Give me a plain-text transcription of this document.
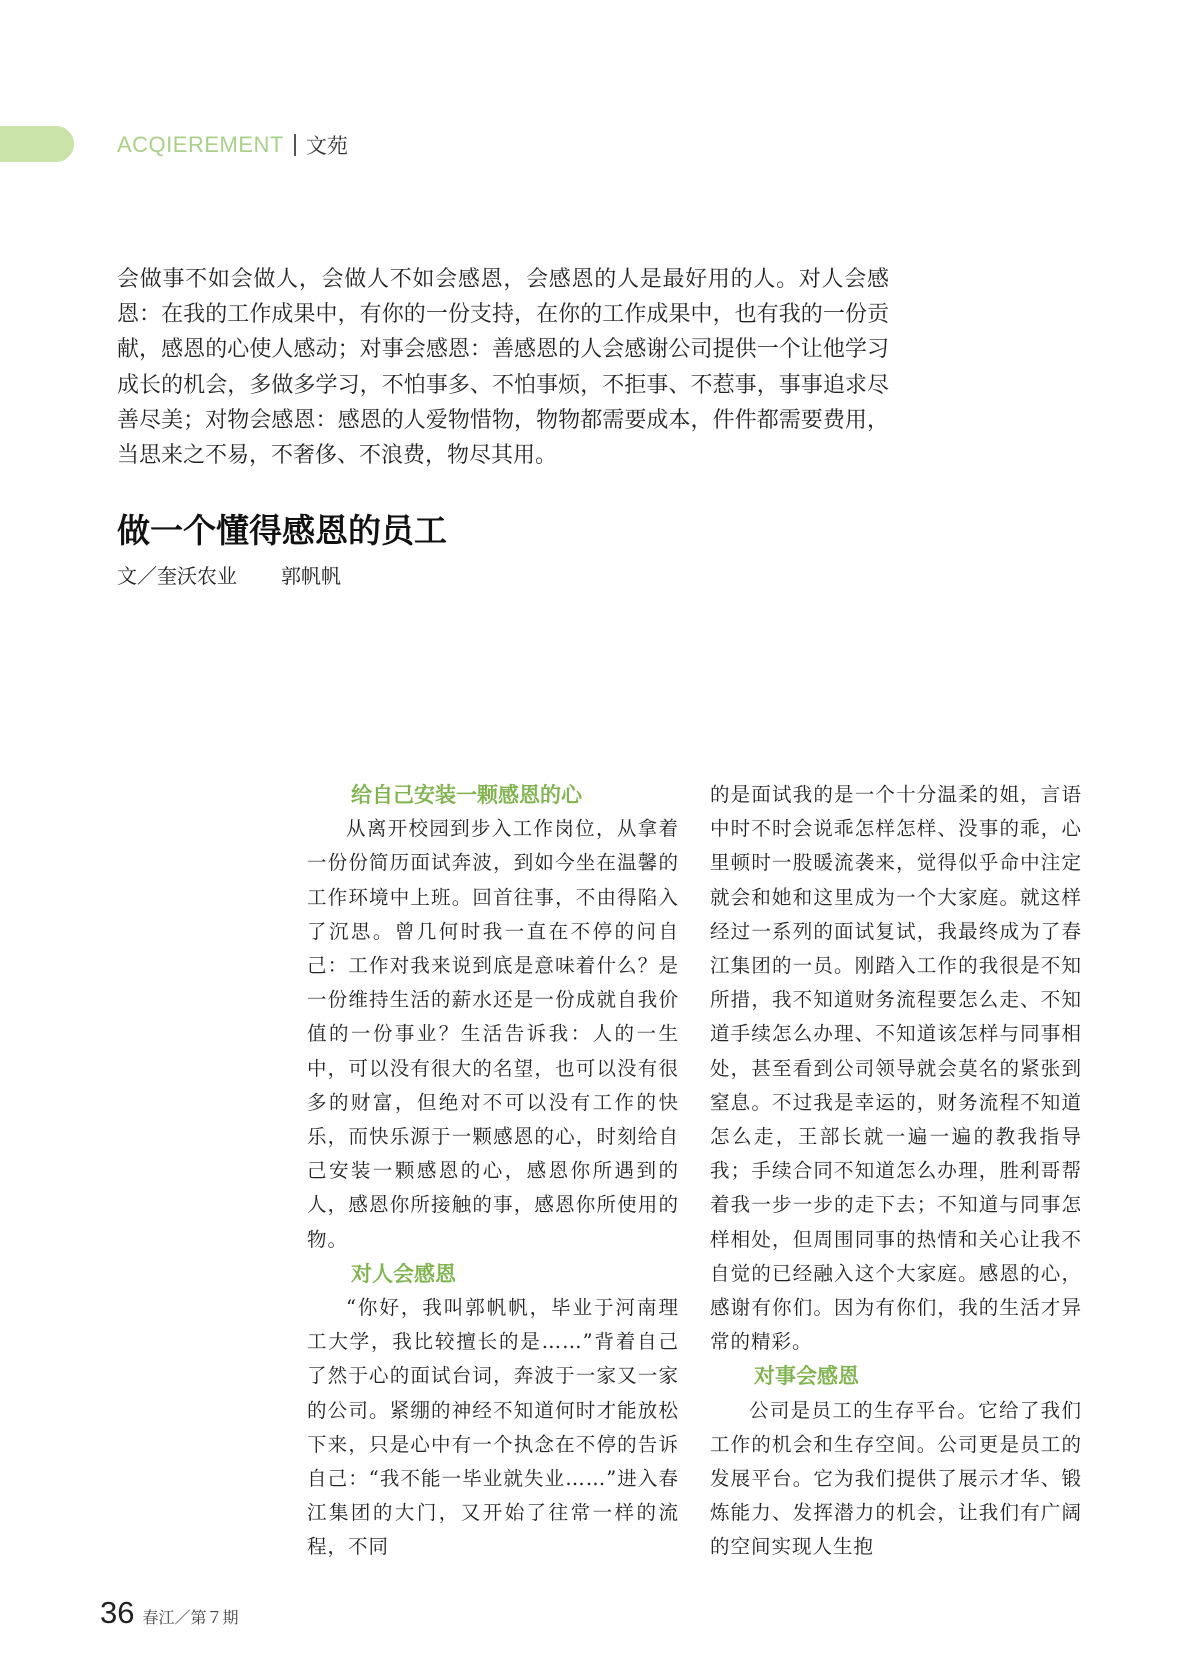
ACQIEREMENT 文苑
会做事不如会做人，会做人不如会感恩，会感恩的人是最好用的人。对人会感恩：在我的工作成果中，有你的一份支持，在你的工作成果中，也有我的一份贡献，感恩的心使人感动；对事会感恩：善感恩的人会感谢公司提供一个让他学习成长的机会，多做多学习，不怕事多、不怕事烦，不拒事、不惹事，事事追求尽善尽美；对物会感恩：感恩的人爱物惜物，物物都需要成本，件件都需要费用，当思来之不易，不奢侈、不浪费，物尽其用。
做一个懂得感恩的员工
文／奎沃农业 郭帆帆
给自己安装一颗感恩的心

从离开校园到步入工作岗位，从拿着一份份简历面试奔波，到如今坐在温馨的工作环境中上班。回首往事，不由得陷入了沉思。曾几何时我一直在不停的问自己：工作对我来说到底是意味着什么？是一份维持生活的薪水还是一份成就自我价值的一份事业？生活告诉我：人的一生中，可以没有很大的名望，也可以没有很多的财富，但绝对不可以没有工作的快乐，而快乐源于一颗感恩的心，时刻给自己安装一颗感恩的心，感恩你所遇到的人，感恩你所接触的事，感恩你所使用的物。

对人会感恩

“你好，我叫郭帆帆，毕业于河南理工大学，我比较擅长的是……”背着自己了然于心的面试台词，奔波于一家又一家的公司。紧绷的神经不知道何时才能放松下来，只是心中有一个执念在不停的告诉自己：“我不能一毕业就失业……”进入春江集团的大门，又开始了往常一样的流程，不同

的是面试我的是一个十分温柔的姐，言语中时不时会说乖怎样怎样、没事的乖，心里顿时一股暖流袭来，觉得似乎命中注定就会和她和这里成为一个大家庭。就这样经过一系列的面试复试，我最终成为了春江集团的一员。刚踏入工作的我很是不知所措，我不知道财务流程要怎么走、不知道手续怎么办理、不知道该怎样与同事相处，甚至看到公司领导就会莫名的紧张到窒息。不过我是幸运的，财务流程不知道怎么走，王部长就一遍一遍的教我指导我；手续合同不知道怎么办理，胜利哥帮着我一步一步的走下去；不知道与同事怎样相处，但周围同事的热情和关心让我不自觉的已经融入这个大家庭。感恩的心，感谢有你们。因为有你们，我的生活才异常的精彩。

对事会感恩

公司是员工的生存平台。它给了我们工作的机会和生存空间。公司更是员工的发展平台。它为我们提供了展示才华、锻炼能力、发挥潜力的机会，让我们有广阔的空间实现人生抱

36 春江／第７期
